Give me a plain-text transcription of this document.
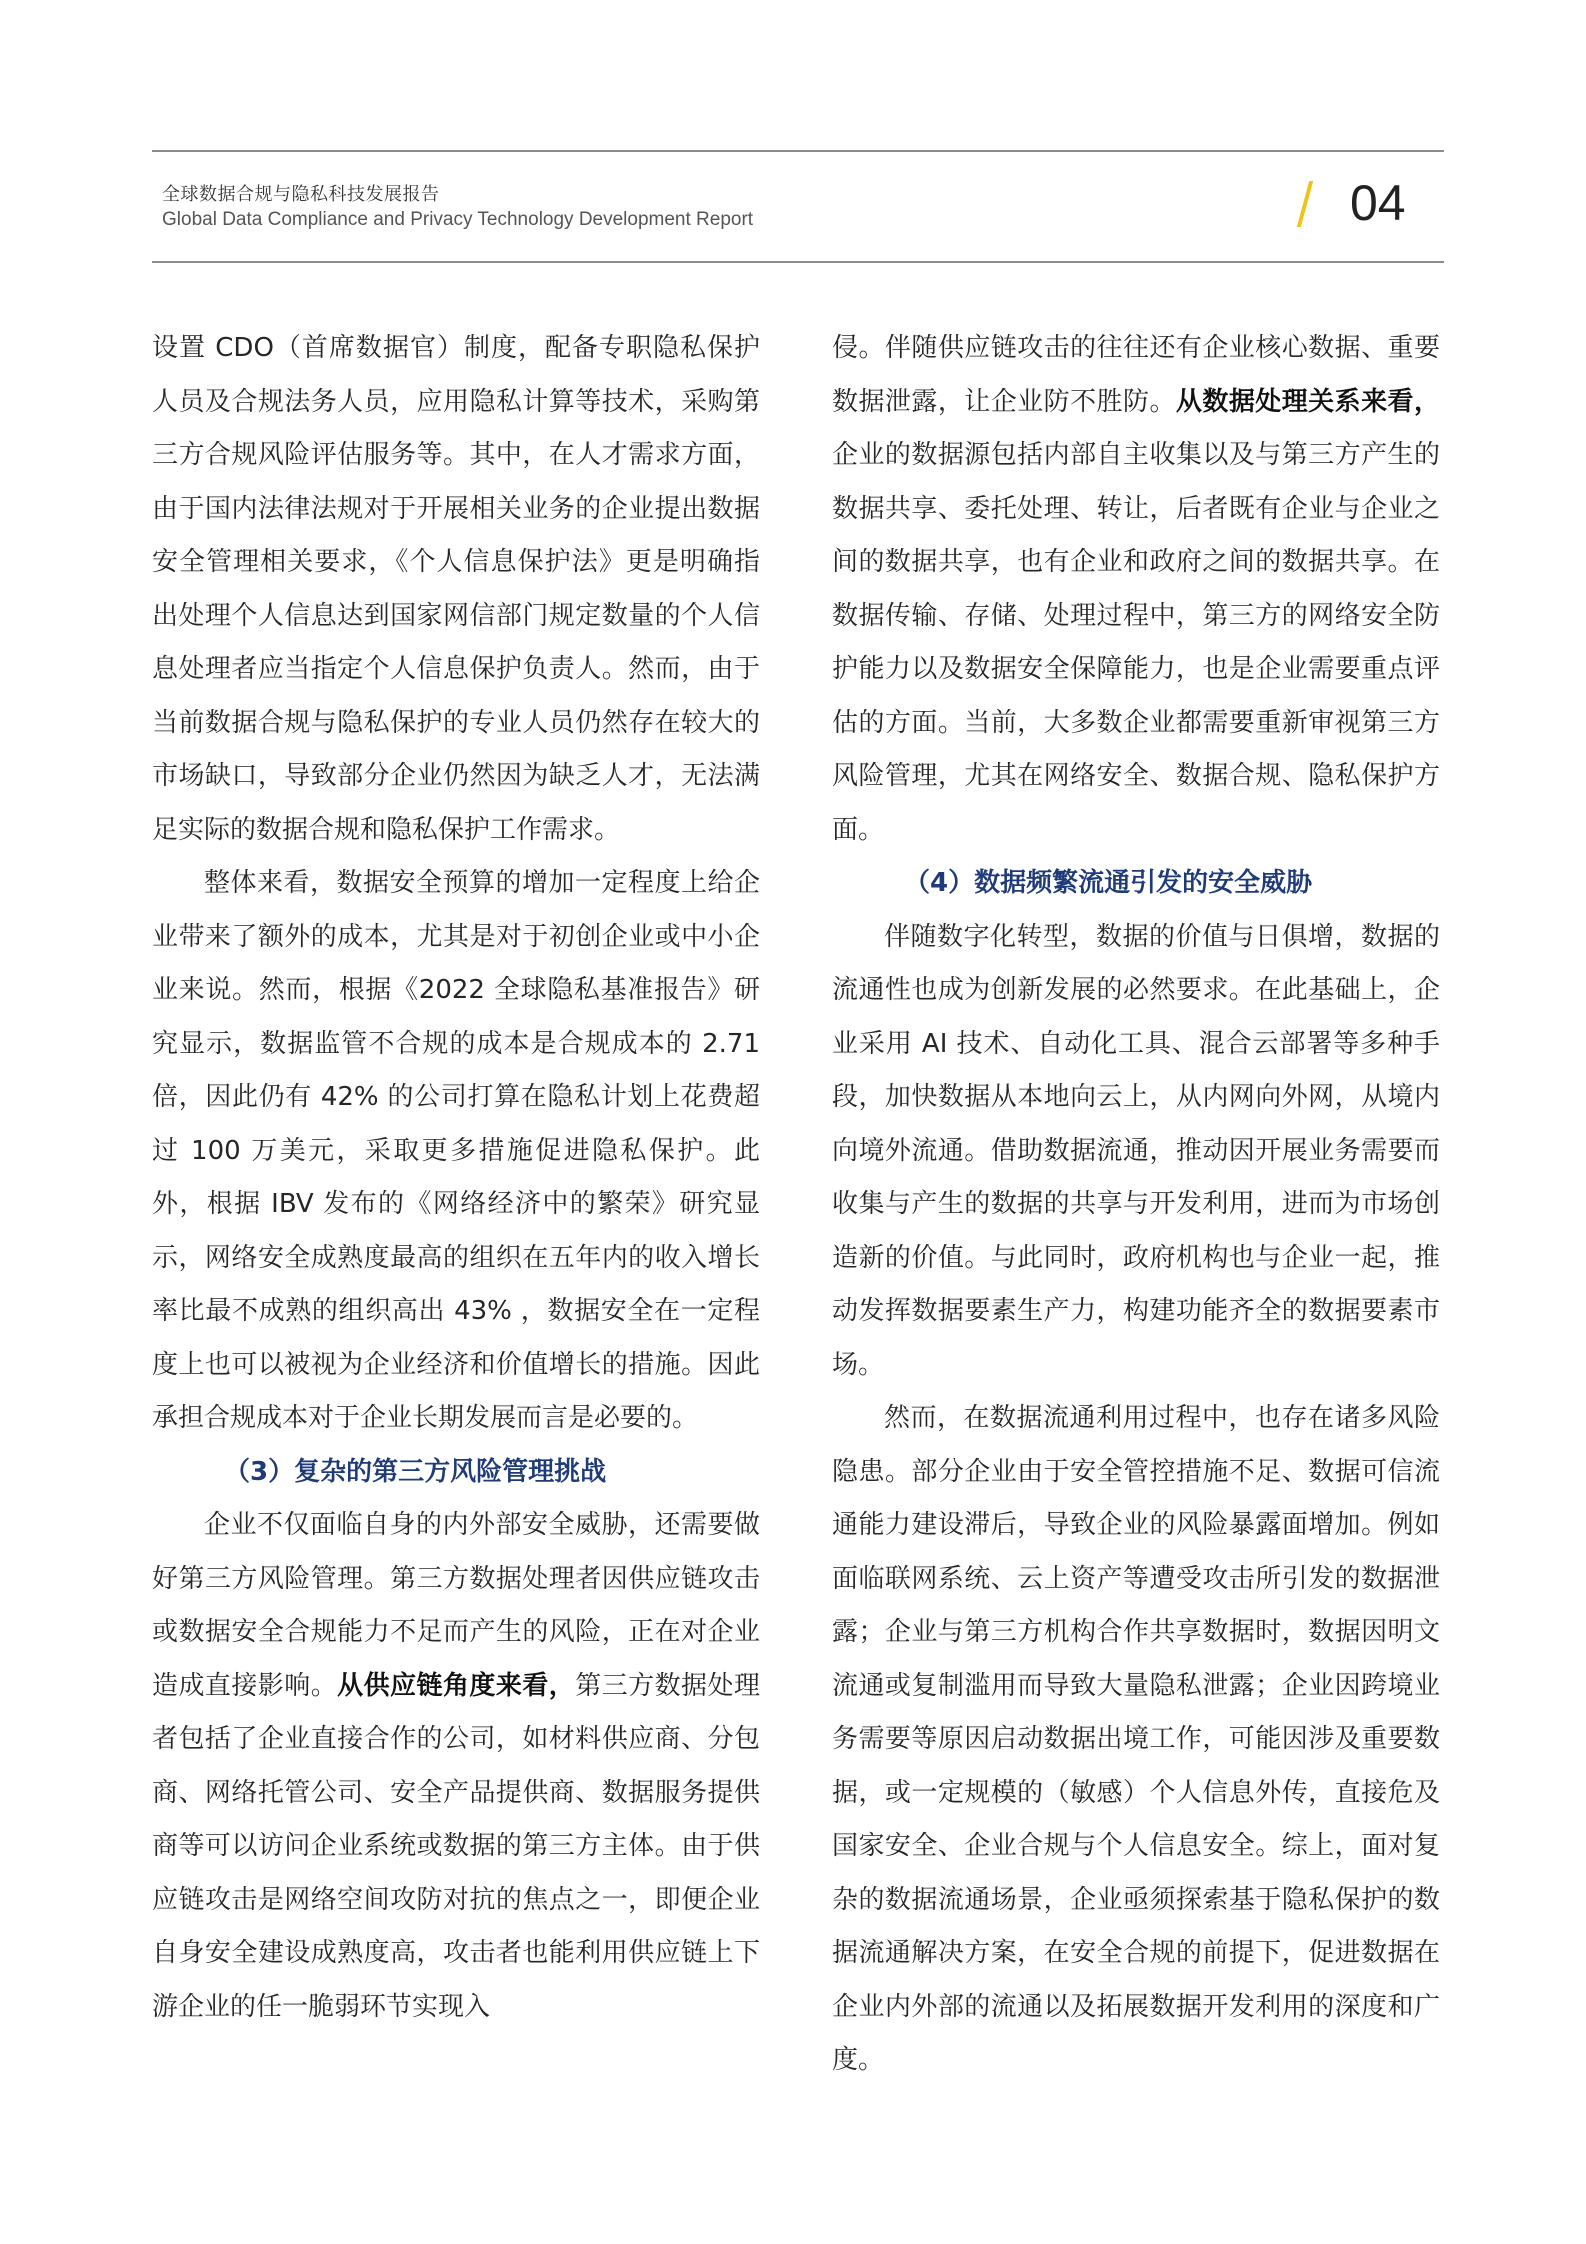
全球数据合规与隐私科技发展报告
Global Data Compliance and Privacy Technology Development Report	04

设置 CDO（首席数据官）制度，配备专职隐私保护人员及合规法务人员，应用隐私计算等技术，采购第三方合规风险评估服务等。其中，在人才需求方面，由于国内法律法规对于开展相关业务的企业提出数据安全管理相关要求，《个人信息保护法》更是明确指出处理个人信息达到国家网信部门规定数量的个人信息处理者应当指定个人信息保护负责人。然而，由于当前数据合规与隐私保护的专业人员仍然存在较大的市场缺口，导致部分企业仍然因为缺乏人才，无法满足实际的数据合规和隐私保护工作需求。

整体来看，数据安全预算的增加一定程度上给企业带来了额外的成本，尤其是对于初创企业或中小企业来说。然而，根据《2022 全球隐私基准报告》研究显示，数据监管不合规的成本是合规成本的 2.71 倍，因此仍有 42% 的公司打算在隐私计划上花费超过 100 万美元，采取更多措施促进隐私保护。此外，根据 IBV 发布的《网络经济中的繁荣》研究显示，网络安全成熟度最高的组织在五年内的收入增长率比最不成熟的组织高出 43% ，数据安全在一定程度上也可以被视为企业经济和价值增长的措施。因此承担合规成本对于企业长期发展而言是必要的。

（3）复杂的第三方风险管理挑战

企业不仅面临自身的内外部安全威胁，还需要做好第三方风险管理。第三方数据处理者因供应链攻击或数据安全合规能力不足而产生的风险，正在对企业造成直接影响。从供应链角度来看，第三方数据处理者包括了企业直接合作的公司，如材料供应商、分包商、网络托管公司、安全产品提供商、数据服务提供商等可以访问企业系统或数据的第三方主体。由于供应链攻击是网络空间攻防对抗的焦点之一，即便企业自身安全建设成熟度高，攻击者也能利用供应链上下游企业的任一脆弱环节实现入

侵。伴随供应链攻击的往往还有企业核心数据、重要数据泄露，让企业防不胜防。从数据处理关系来看，企业的数据源包括内部自主收集以及与第三方产生的数据共享、委托处理、转让，后者既有企业与企业之间的数据共享，也有企业和政府之间的数据共享。在数据传输、存储、处理过程中，第三方的网络安全防护能力以及数据安全保障能力，也是企业需要重点评估的方面。当前，大多数企业都需要重新审视第三方风险管理，尤其在网络安全、数据合规、隐私保护方面。

（4）数据频繁流通引发的安全威胁

伴随数字化转型，数据的价值与日俱增，数据的流通性也成为创新发展的必然要求。在此基础上，企业采用 AI 技术、自动化工具、混合云部署等多种手段，加快数据从本地向云上，从内网向外网，从境内向境外流通。借助数据流通，推动因开展业务需要而收集与产生的数据的共享与开发利用，进而为市场创造新的价值。与此同时，政府机构也与企业一起，推动发挥数据要素生产力，构建功能齐全的数据要素市场。

然而，在数据流通利用过程中，也存在诸多风险隐患。部分企业由于安全管控措施不足、数据可信流通能力建设滞后，导致企业的风险暴露面增加。例如面临联网系统、云上资产等遭受攻击所引发的数据泄露；企业与第三方机构合作共享数据时，数据因明文流通或复制滥用而导致大量隐私泄露；企业因跨境业务需要等原因启动数据出境工作，可能因涉及重要数据，或一定规模的（敏感）个人信息外传，直接危及国家安全、企业合规与个人信息安全。综上，面对复杂的数据流通场景，企业亟须探索基于隐私保护的数据流通解决方案，在安全合规的前提下，促进数据在企业内外部的流通以及拓展数据开发利用的深度和广度。
